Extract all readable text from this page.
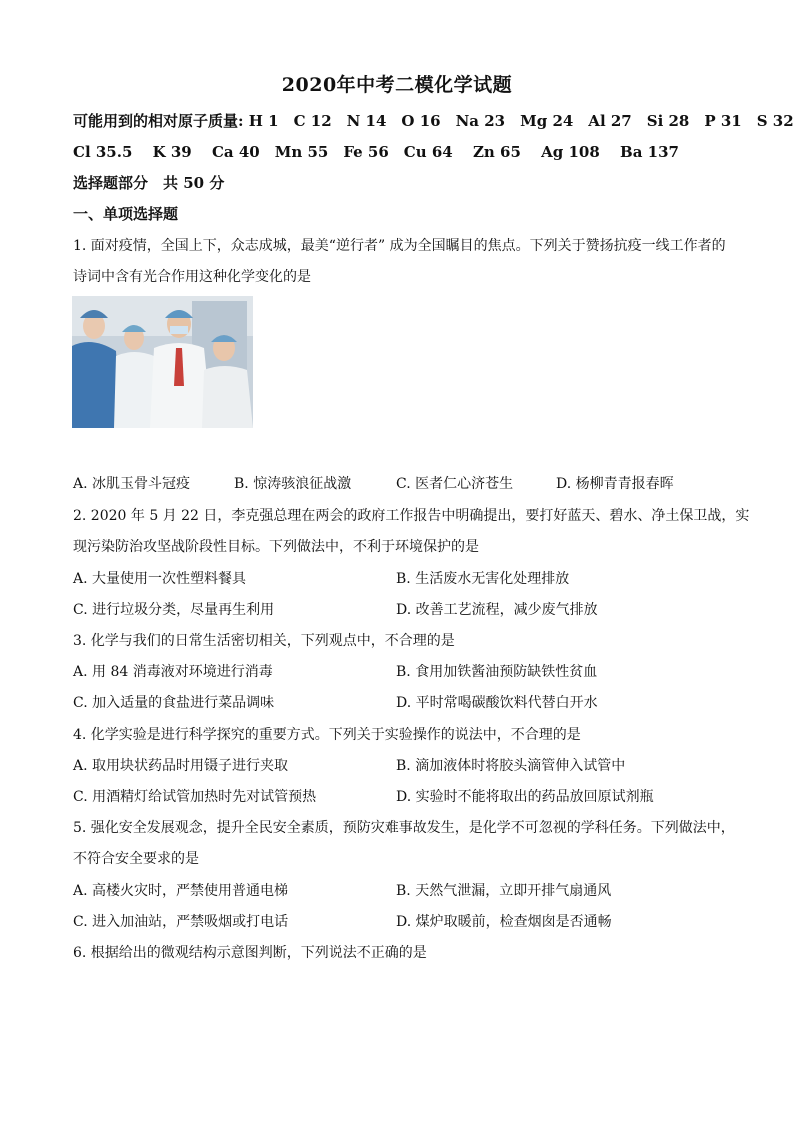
2020年中考二模化学试题
可能用到的相对原子质量: H 1　C 12　N 14　O 16　Na 23　Mg 24　Al 27　Si 28　P 31　S 32
Cl 35.5　 K 39　 Ca 40　Mn 55　Fe 56　Cu 64　 Zn 65　 Ag 108　 Ba 137
选择题部分　共 50 分
一、单项选择题
1. 面对疫情，全国上下，众志成城，最美“逆行者” 成为全国瞩目的焦点。下列关于赞扬抗疫一线工作者的
诗词中含有光合作用这种化学变化的是
A. 冰肌玉骨斗冠疫	B. 惊涛骇浪征战激	C. 医者仁心济苍生	D. 杨柳青青报春晖
2. 2020 年 5 月 22 日，李克强总理在两会的政府工作报告中明确提出，要打好蓝天、碧水、净土保卫战，实
现污染防治攻坚战阶段性目标。下列做法中，不利于环境保护的是
A. 大量使用一次性塑料餐具	B. 生活废水无害化处理排放
C. 进行垃圾分类，尽量再生利用	D. 改善工艺流程，减少废气排放
3. 化学与我们的日常生活密切相关，下列观点中，不合理的是
A. 用 84 消毒液对环境进行消毒	B. 食用加铁酱油预防缺铁性贫血
C. 加入适量的食盐进行菜品调味	D. 平时常喝碳酸饮料代替白开水
4. 化学实验是进行科学探究的重要方式。下列关于实验操作的说法中，不合理的是
A. 取用块状药品时用镊子进行夹取	B. 滴加液体时将胶头滴管伸入试管中
C. 用酒精灯给试管加热时先对试管预热	D. 实验时不能将取出的药品放回原试剂瓶
5. 强化安全发展观念，提升全民安全素质，预防灾难事故发生，是化学不可忽视的学科任务。下列做法中，
不符合安全要求的是
A. 高楼火灾时，严禁使用普通电梯	B. 天然气泄漏，立即开排气扇通风
C. 进入加油站，严禁吸烟或打电话	D. 煤炉取暖前，检查烟囱是否通畅
6. 根据给出的微观结构示意图判断，下列说法不正确的是
